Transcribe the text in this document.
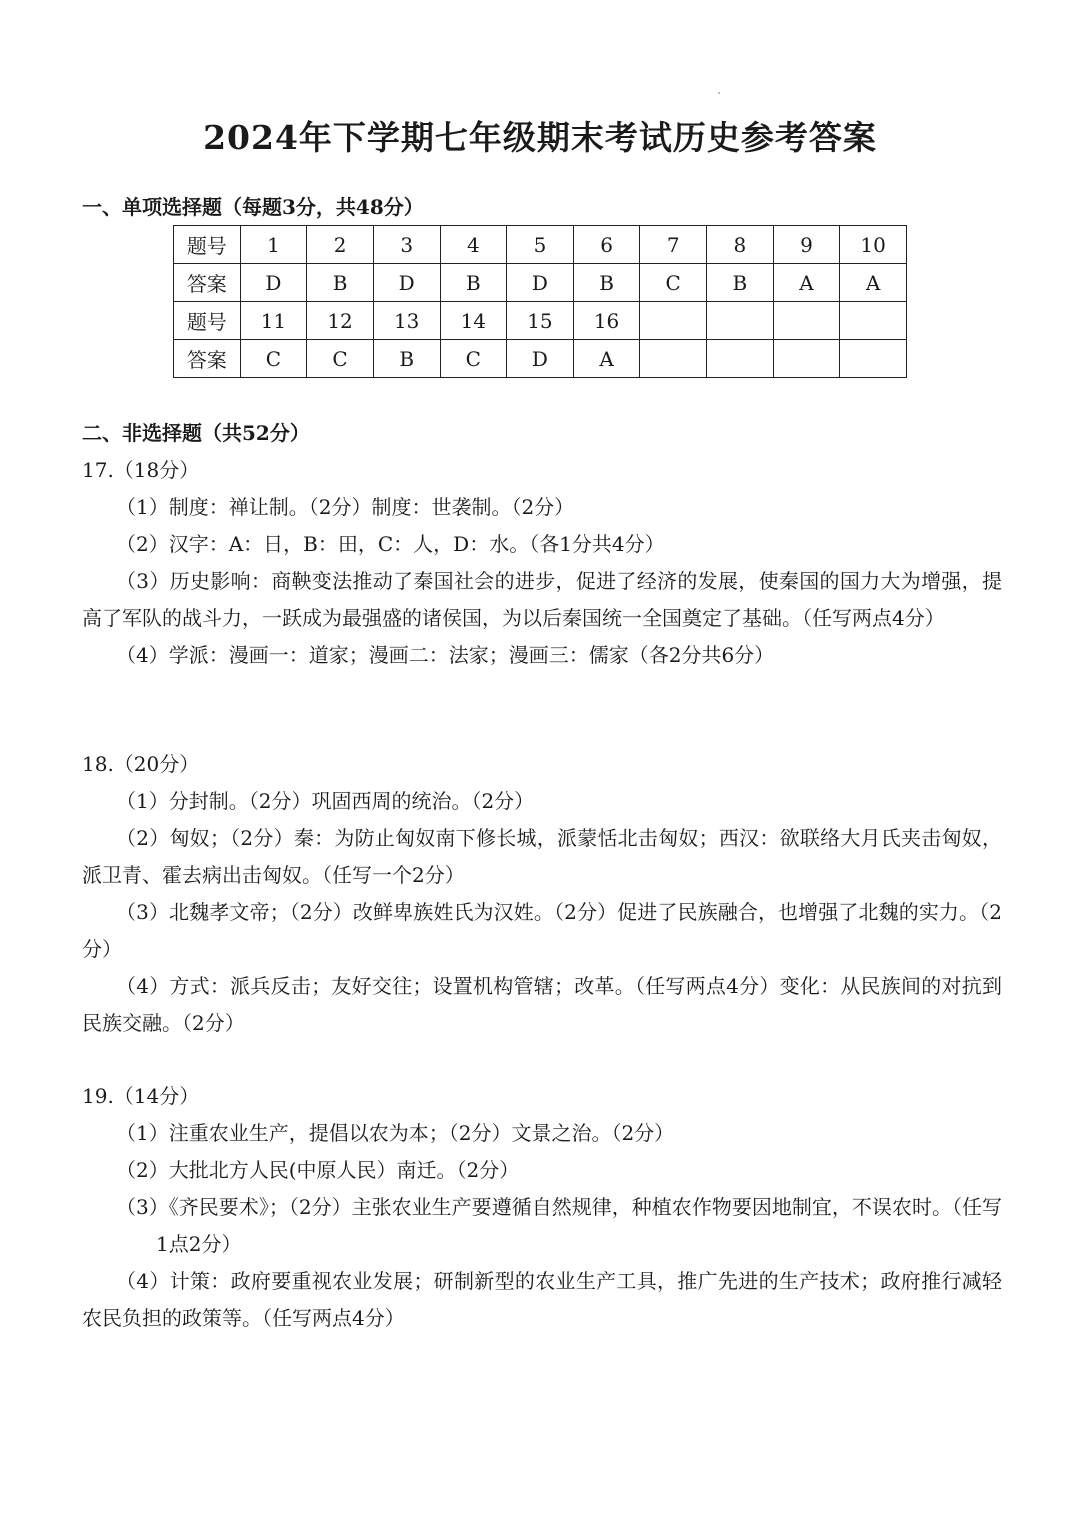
2024年下学期七年级期末考试历史参考答案
一、单项选择题（每题3分，共48分）
题号	1	2	3	4	5	6	7	8	9	10
答案	D	B	D	B	D	B	C	B	A	A
题号	11	12	13	14	15	16				
答案	C	C	B	C	D	A				
二、非选择题（共52分）
17.（18分）
（1）制度：禅让制。（2分）制度：世袭制。（2分）
（2）汉字：A：日，B：田，C：人，D：水。（各1分共4分）
（3）历史影响：商鞅变法推动了秦国社会的进步，促进了经济的发展，使秦国的国力大为增强，提高了军队的战斗力，一跃成为最强盛的诸侯国，为以后秦国统一全国奠定了基础。（任写两点4分）
（4）学派：漫画一：道家；漫画二：法家；漫画三：儒家（各2分共6分）
18.（20分）
（1）分封制。（2分）巩固西周的统治。（2分）
（2）匈奴；（2分）秦：为防止匈奴南下修长城，派蒙恬北击匈奴；西汉：欲联络大月氏夹击匈奴，派卫青、霍去病出击匈奴。（任写一个2分）
（3）北魏孝文帝；（2分）改鲜卑族姓氏为汉姓。（2分）促进了民族融合，也增强了北魏的实力。（2分）
（4）方式：派兵反击；友好交往；设置机构管辖；改革。（任写两点4分）变化：从民族间的对抗到民族交融。（2分）
19.（14分）
（1）注重农业生产，提倡以农为本；（2分）文景之治。（2分）
（2）大批北方人民(中原人民）南迁。（2分）
（3）《齐民要术》；（2分）主张农业生产要遵循自然规律，种植农作物要因地制宜，不误农时。（任写1点2分）
（4）计策：政府要重视农业发展；研制新型的农业生产工具，推广先进的生产技术；政府推行减轻农民负担的政策等。（任写两点4分）
